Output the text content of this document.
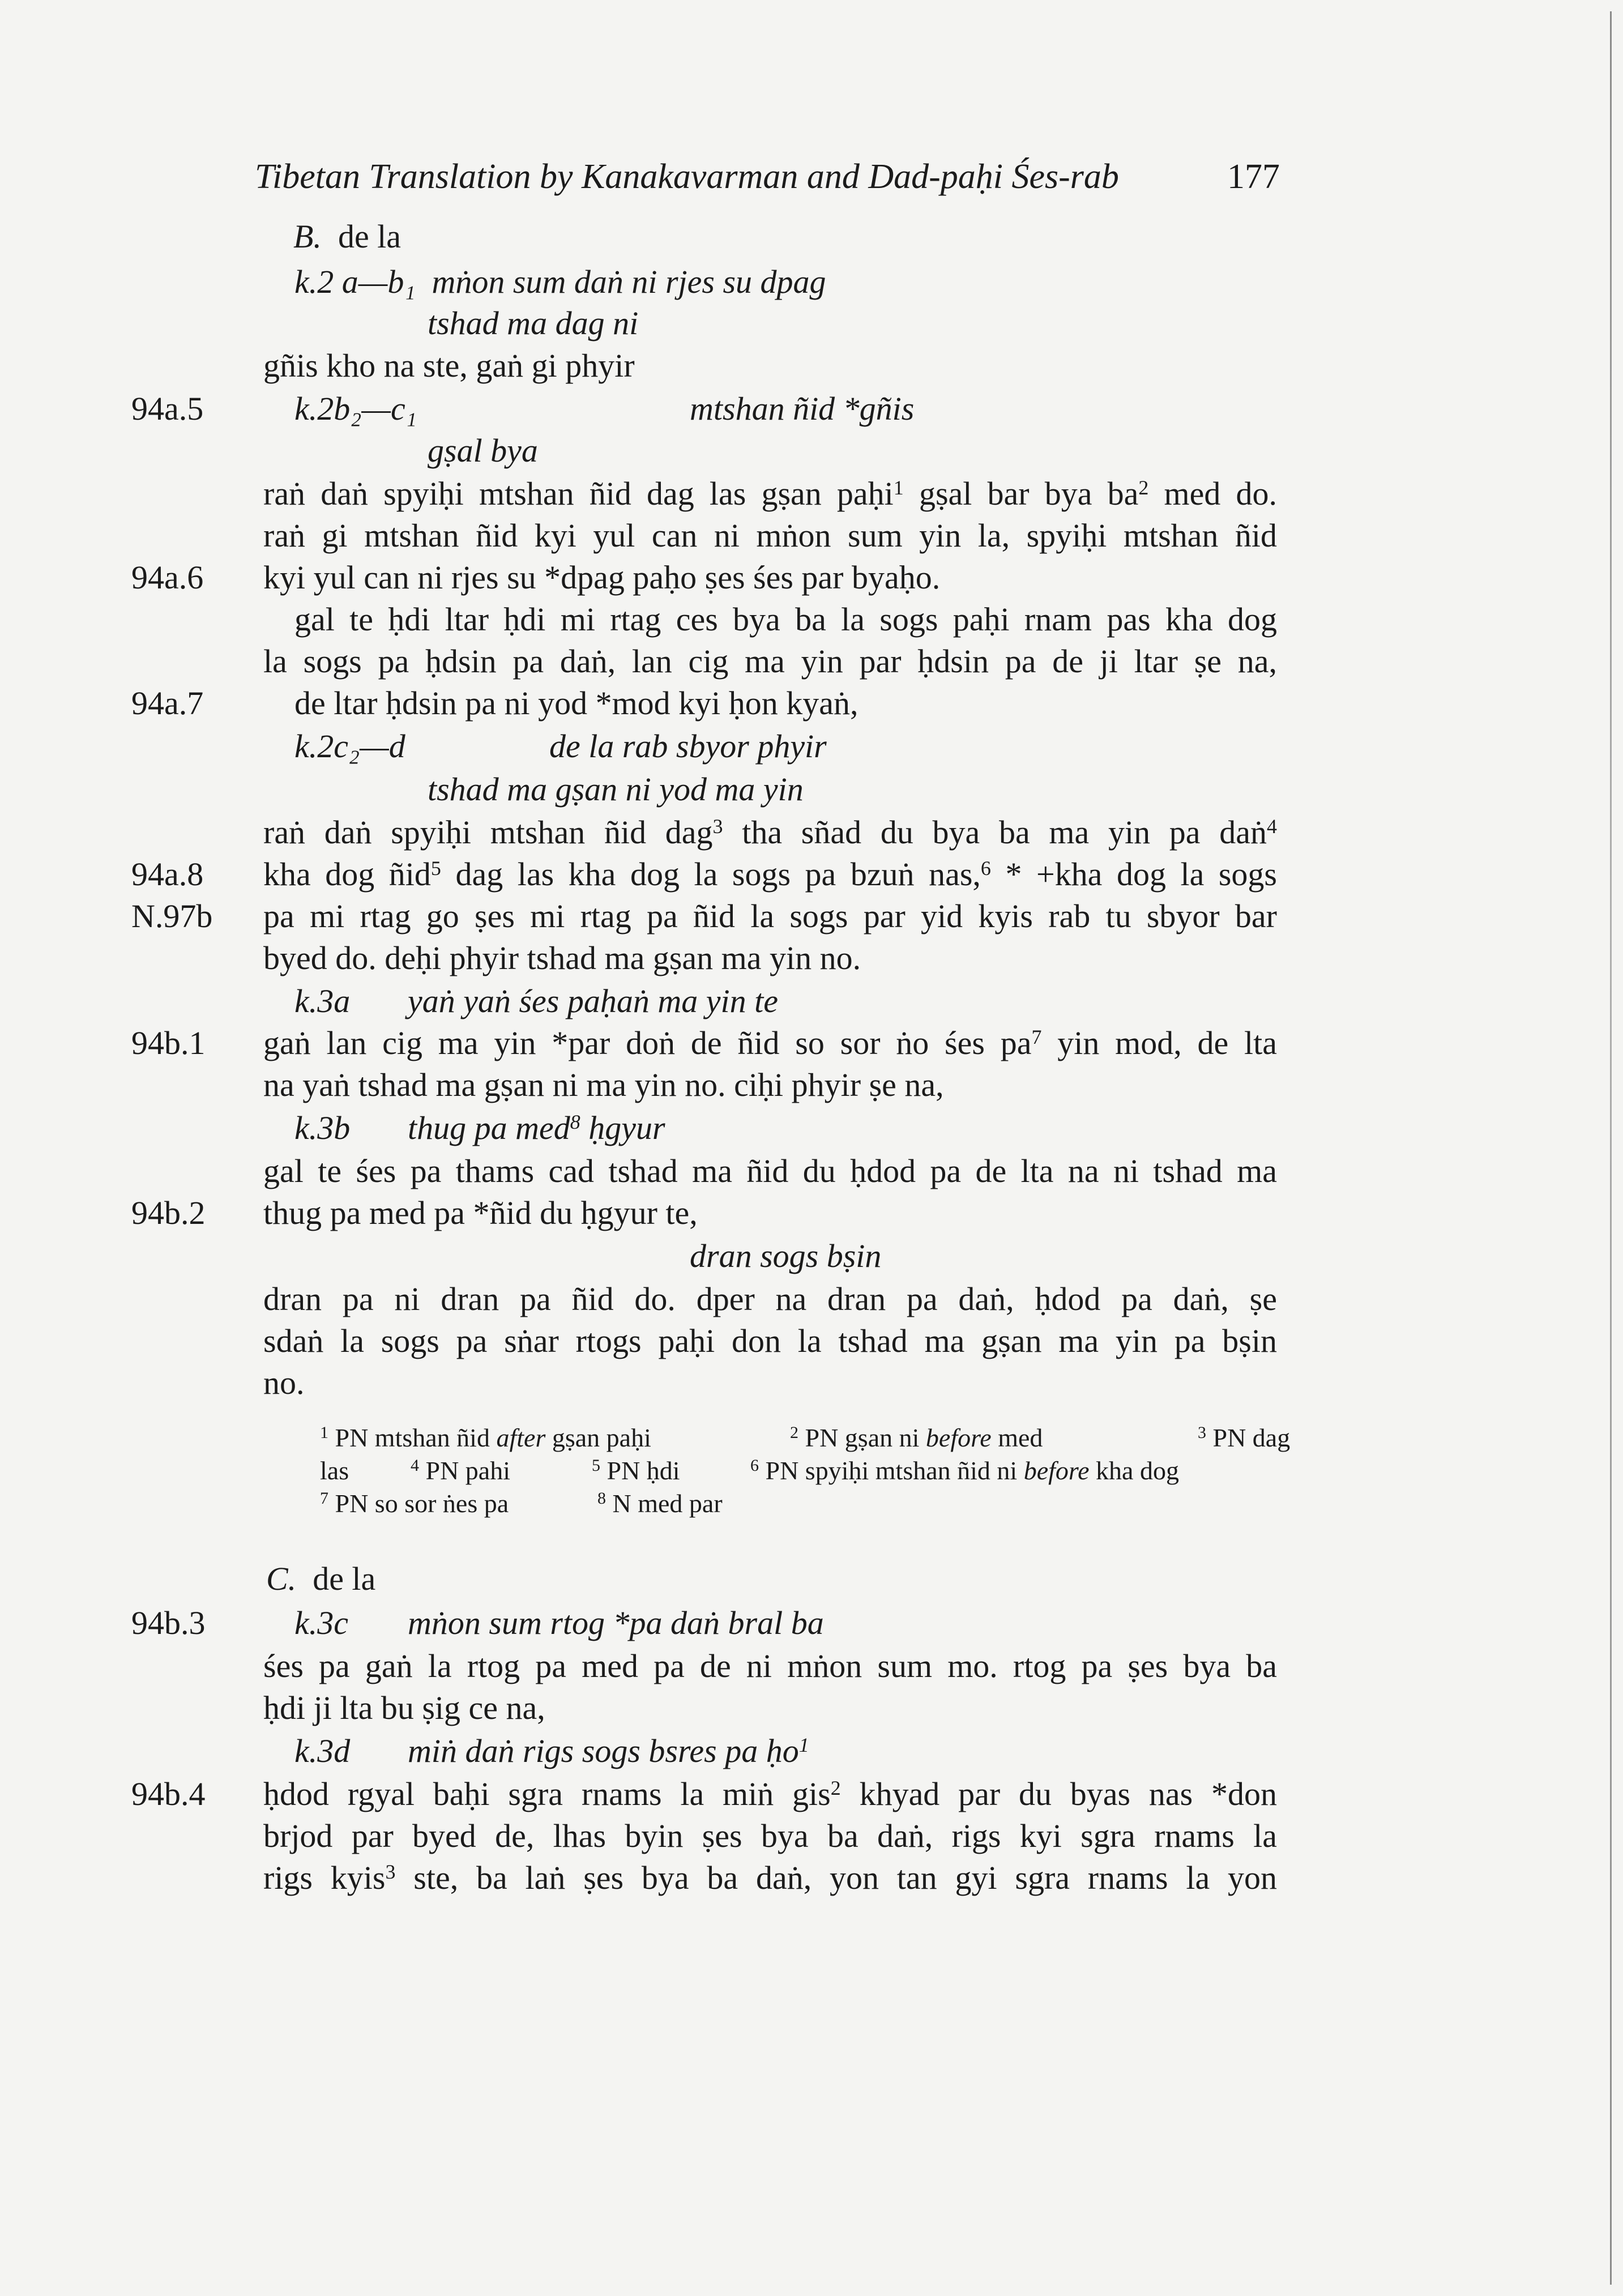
Tibetan Translation by Kanakavarman and Dad-paḥi Śes-rab	177
B. de la
k.2 a—b₁ mṅon sum daṅ ni rjes su dpag
tshad ma dag ni
gñis kho na ste, gaṅ gi phyir
94a.5	k.2b₂—c₁	mtshan ñid *gñis
gṣal bya
raṅ daṅ spyiḥi mtshan ñid dag las gṣan paḥi$^1$ gṣal bar bya $ba^2$ med do.
raṅ gi mtshan ñid kyi yul can ni mṅon sum yin la, spyiḥi mtshan ñid
94a.6	kyi yul can ni rjes su *dpag paḥo ṣes śes par byaḥo.
gal te ḥdi ltar ḥdi mi rtag ces bya ba la sogs paḥi rnam pas kha dog
la sogs pa ḥdsin pa daṅ, lan cig ma yin par ḥdsin pa de ji ltar ṣe na,
94a.7	de ltar ḥdsin pa ni yod *mod kyi ḥon kyaṅ,
k.2c₂—d	de la rab sbyor phyir
tshad ma gṣan ni yod ma yin
raṅ daṅ spyiḥi mtshan ñid dag$^3$ tha sñad du bya ba ma yin pa daṅ$^4$
94a.8	kha dog ñid$^5$ dag las kha dog la sogs pa bzuṅ nas,$^6$ * +kha dog la sogs
N.97b	pa mi rtag go ṣes mi rtag pa ñid la sogs par yid kyis rab tu sbyor bar
byed do. deḥi phyir tshad ma gṣan ma yin no.
k.3a yaṅ yaṅ śes paḥaṅ ma yin te
94b.1	gaṅ lan cig ma yin *par doṅ de ñid so sor ṅo śes $pa^7$ yin mod, de lta
na yaṅ tshad ma gṣan ni ma yin no. ciḥi phyir ṣe na,
k.3b thug pa med$^8$ ḥgyur
gal te śes pa thams cad tshad ma ñid du ḥdod pa de lta na ni tshad ma
94b.2	thug pa med pa *ñid du ḥgyur te,
dran sogs bṣin
dran pa ni dran pa ñid do. dper na dran pa daṅ, ḥdod pa daṅ, ṣe
sdaṅ la sogs pa sṅar rtogs paḥi don la tshad ma gṣan ma yin pa bṣin
no.
$^1$ PN mtshan ñid after gṣan paḥi	$^2$ PN gṣan ni before med	$^3$ PN dag
las	$^4$ PN pahi	$^5$ PN ḥdi	$^6$ PN spyiḥi mtshan ñid ni before kha dog
$^7$ PN so sor ṅes pa	$^8$ N med par
C. de la
94b.3	k.3c mṅon sum rtog *pa daṅ bral ba
śes pa gaṅ la rtog pa med pa de ni mṅon sum mo. rtog pa ṣes bya ba
ḥdi ji lta bu ṣig ce na,
k.3d miṅ daṅ rigs sogs bsres pa ḥo$^1$
94b.4	ḥdod rgyal baḥi sgra rnams la miṅ gis$^2$ khyad par du byas nas *don
brjod par byed de, lhas byin ṣes bya ba daṅ, rigs kyi sgra rnams la
rigs kyis$^3$ ste, ba laṅ ṣes bya ba daṅ, yon tan gyi sgra rnams la yon
